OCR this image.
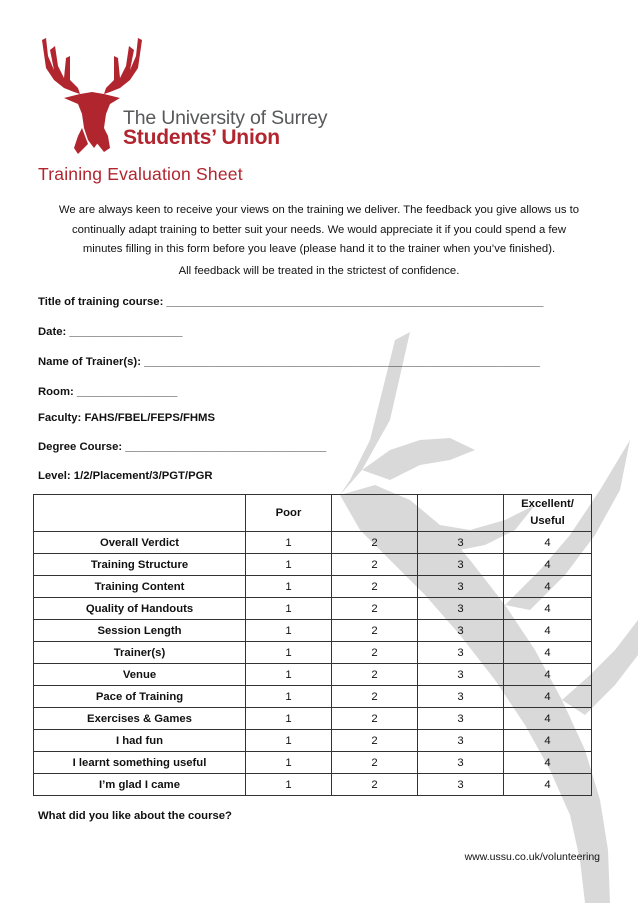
The University of Surrey
Students’ Union
Training Evaluation Sheet
We are always keen to receive your views on the training we deliver. The feedback you give allows us to
continually adapt training to better suit your needs. We would appreciate it if you could spend a few
minutes filling in this form before you leave (please hand it to the trainer when you’ve finished).
All feedback will be treated in the strictest of confidence.
Title of training course: ____________________________________________________________
Date: __________________
Name of Trainer(s): _______________________________________________________________
Room: ________________
Faculty: FAHS/FBEL/FEPS/FHMS
Degree Course: ________________________________
Level: 1/2/Placement/3/PGT/PGR
	Poor			Excellent/
Useful

Overall Verdict	1	2	3	4
Training Structure	1	2	3	4
Training Content	1	2	3	4
Quality of Handouts	1	2	3	4
Session Length	1	2	3	4
Trainer(s)	1	2	3	4
Venue	1	2	3	4
Pace of Training	1	2	3	4
Exercises & Games	1	2	3	4
I had fun	1	2	3	4
I learnt something useful	1	2	3	4
I’m glad I came	1	2	3	4
What did you like about the course?
www.ussu.co.uk/volunteering
